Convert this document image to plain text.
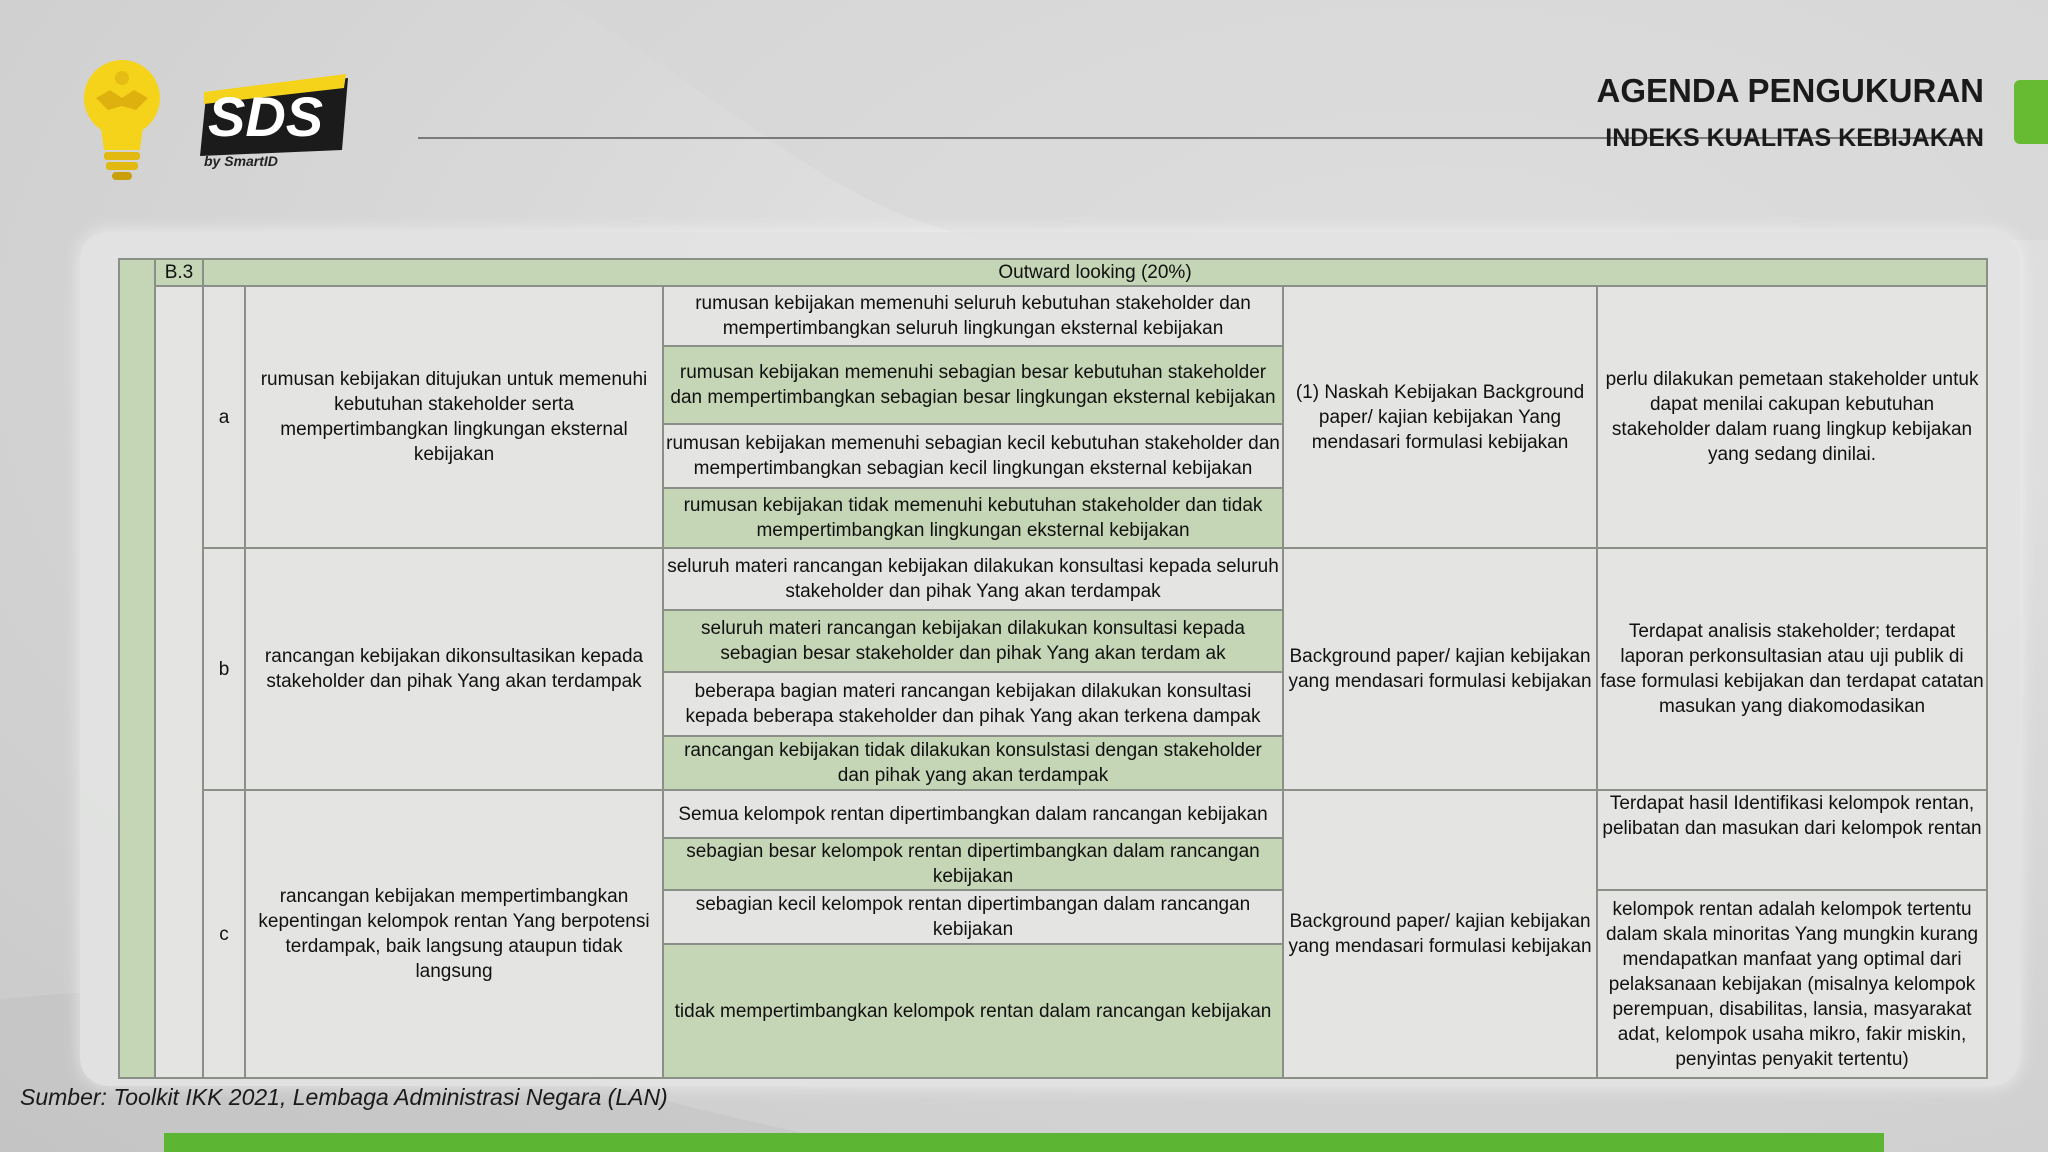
SDS
by SmartID
AGENDA PENGUKURAN
INDEKS KUALITAS KEBIJAKAN
	B.3	Outward looking (20%)				
		a	rumusan kebijakan ditujukan untuk memenuhi kebutuhan stakeholder serta mempertimbangkan lingkungan eksternal kebijakan	rumusan kebijakan memenuhi seluruh kebutuhan stakeholder dan mempertimbangkan seluruh lingkungan eksternal kebijakan	(1) Naskah Kebijakan Background paper/ kajian kebijakan Yang mendasari formulasi kebijakan	perlu dilakukan pemetaan stakeholder untuk dapat menilai cakupan kebutuhan stakeholder dalam ruang lingkup kebijakan yang sedang dinilai.
				rumusan kebijakan memenuhi sebagian besar kebutuhan stakeholder dan mempertimbangkan sebagian besar lingkungan eksternal kebijakan		
				rumusan kebijakan memenuhi sebagian kecil kebutuhan stakeholder dan mempertimbangkan sebagian kecil lingkungan eksternal kebijakan		
				rumusan kebijakan tidak memenuhi kebutuhan stakeholder dan tidak mempertimbangkan lingkungan eksternal kebijakan		
		b	rancangan kebijakan dikonsultasikan kepada stakeholder dan pihak Yang akan terdampak	seluruh materi rancangan kebijakan dilakukan konsultasi kepada seluruh stakeholder dan pihak Yang akan terdampak	Background paper/ kajian kebijakan yang mendasari formulasi kebijakan	Terdapat analisis stakeholder; terdapat laporan perkonsultasian atau uji publik di fase formulasi kebijakan dan terdapat catatan masukan yang diakomodasikan
				seluruh materi rancangan kebijakan dilakukan konsultasi kepada sebagian besar stakeholder dan pihak Yang akan terdam ak		
				beberapa bagian materi rancangan kebijakan dilakukan konsultasi kepada beberapa stakeholder dan pihak Yang akan terkena dampak		
				rancangan kebijakan tidak dilakukan konsulstasi dengan stakeholder dan pihak yang akan terdampak		
		c	rancangan kebijakan mempertimbangkan kepentingan kelompok rentan Yang berpotensi terdampak, baik langsung ataupun tidak langsung	Semua kelompok rentan dipertimbangkan dalam rancangan kebijakan	Background paper/ kajian kebijakan yang mendasari formulasi kebijakan	Terdapat hasil Identifikasi kelompok rentan, pelibatan dan masukan dari kelompok rentan
				sebagian besar kelompok rentan dipertimbangkan dalam rancangan kebijakan		
				sebagian kecil kelompok rentan dipertimbangan dalam rancangan kebijakan		kelompok rentan adalah kelompok tertentu dalam skala minoritas Yang mungkin kurang mendapatkan manfaat yang optimal dari pelaksanaan kebijakan (misalnya kelompok perempuan, disabilitas, lansia, masyarakat adat, kelompok usaha mikro, fakir miskin, penyintas penyakit tertentu)

				tidak mempertimbangkan kelompok rentan dalam rancangan kebijakan		
Sumber: Toolkit IKK 2021, Lembaga Administrasi Negara (LAN)
